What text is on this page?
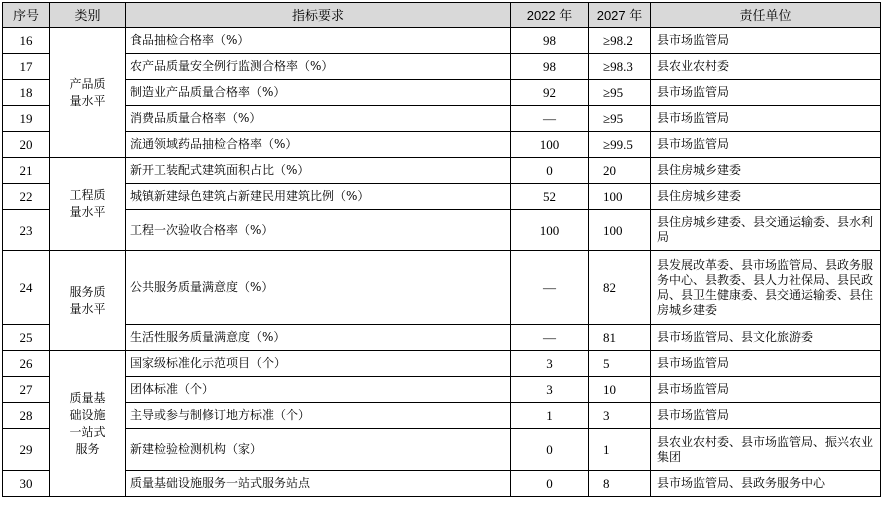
序号	类别	指标要求	2022 年	2027 年	责任单位
16	产品质量水平	食品抽检合格率（%）	98	≥98.2	县市场监管局
17		农产品质量安全例行监测合格率（%）	98	≥98.3	县农业农村委
18		制造业产品质量合格率（%）	92	≥95	县市场监管局
19		消费品质量合格率（%）	—	≥95	县市场监管局
20		流通领域药品抽检合格率（%）	100	≥99.5	县市场监管局
21	工程质量水平	新开工装配式建筑面积占比（%）	0	20	县住房城乡建委
22		城镇新建绿色建筑占新建民用建筑比例（%）	52	100	县住房城乡建委
23		工程一次验收合格率（%）	100	100	县住房城乡建委、县交通运输委、县水利局
24	服务质量水平	公共服务质量满意度（%）	—	82	县发展改革委、县市场监管局、县政务服务中心、县教委、县人力社保局、县民政局、县卫生健康委、县交通运输委、县住房城乡建委
25		生活性服务质量满意度（%）	—	81	县市场监管局、县文化旅游委
26	质量基础设施一站式服务	国家级标准化示范项目（个）	3	5	县市场监管局
27		团体标准（个）	3	10	县市场监管局
28		主导或参与制修订地方标准（个）	1	3	县市场监管局
29		新建检验检测机构（家）	0	1	县农业农村委、县市场监管局、振兴农业集团
30		质量基础设施服务一站式服务站点	0	8	县市场监管局、县政务服务中心
